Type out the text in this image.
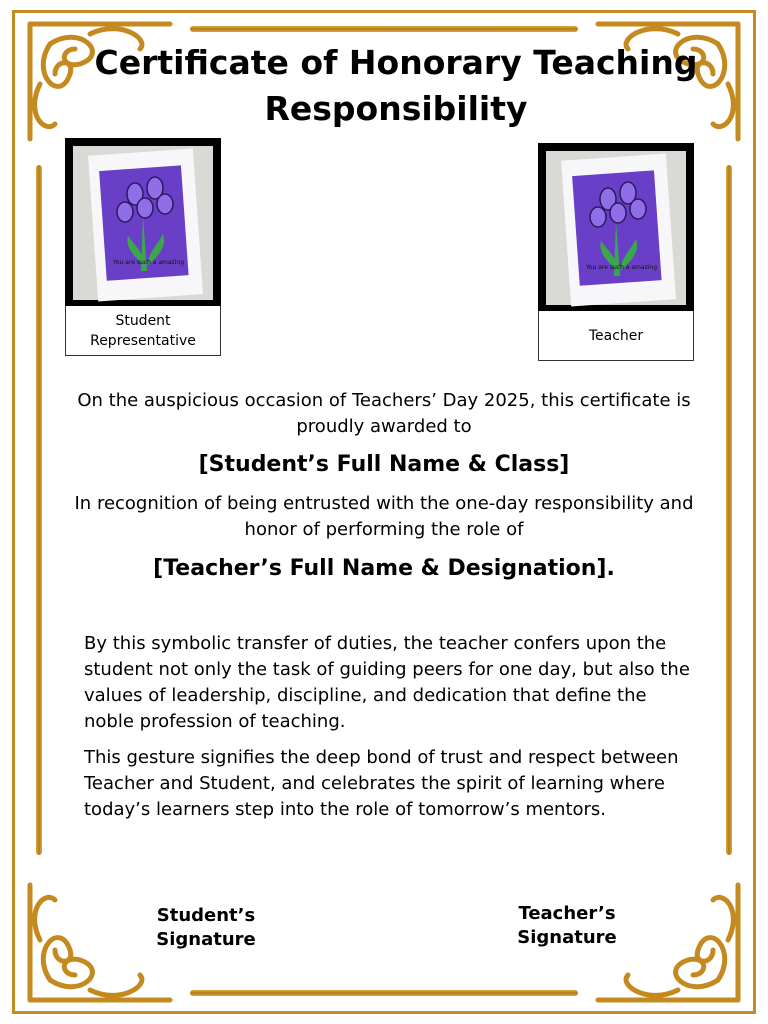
Certificate of Honorary Teaching Responsibility
You are such a amazing
Student Representative
You are such a amazing
Teacher

On the auspicious occasion of Teachers’ Day 2025, this certificate is proudly awarded to

[Student’s Full Name & Class]

In recognition of being entrusted with the one-day responsibility and honor of performing the role of

[Teacher’s Full Name & Designation].

By this symbolic transfer of duties, the teacher confers upon the student not only the task of guiding peers for one day, but also the values of leadership, discipline, and dedication that define the noble profession of teaching.

This gesture signifies the deep bond of trust and respect between Teacher and Student, and celebrates the spirit of learning where today’s learners step into the role of tomorrow’s mentors.

Student’s Signature
Teacher’s Signature
